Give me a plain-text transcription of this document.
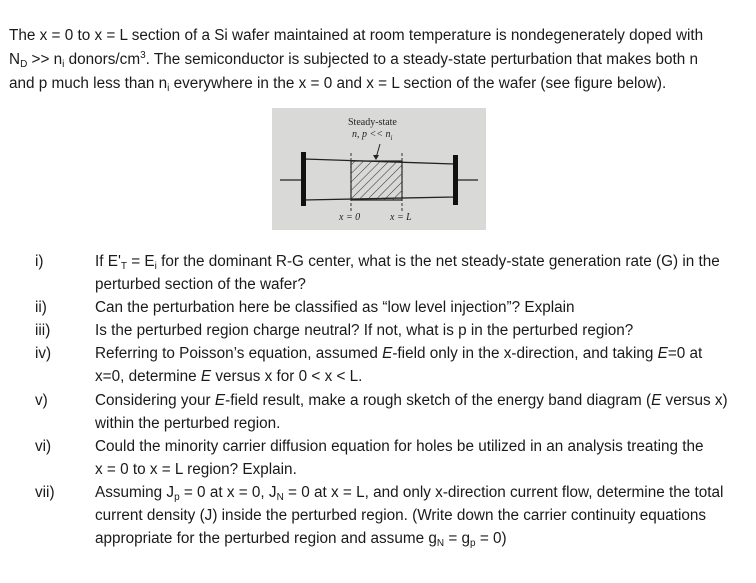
The x = 0 to x = L section of a Si wafer maintained at room temperature is nondegenerately doped with
$N_D >> n_i$ donors/$cm^3$. The semiconductor is subjected to a steady-state perturbation that makes both n
and p much less than $n_i$ everywhere in the x = 0 and x = L section of the wafer (see figure below).
Steady-state
n, $p << n_i$
x = 0	x = L
i)	If $E'_T = E_i$ for the dominant R-G center, what is the net steady-state generation rate (G) in the
perturbed section of the wafer?
ii)	Can the perturbation here be classified as “low level injection”? Explain
iii)	Is the perturbed region charge neutral? If not, what is p in the perturbed region?
iv)	Referring to Poisson’s equation, assumed E-field only in the x-direction, and taking E=0 at
x=0, determine E versus x for 0 < x < L.
v)	Considering your E-field result, make a rough sketch of the energy band diagram (E versus x)
within the perturbed region.
vi)	Could the minority carrier diffusion equation for holes be utilized in an analysis treating the
x = 0 to x = L region? Explain.
vii)	Assuming $J_p = 0$ at x = 0, $J_N = 0$ at x = L, and only x-direction current flow, determine the total
current density (J) inside the perturbed region. (Write down the carrier continuity equations
appropriate for the perturbed region and assume $g_N = g_p = 0$)
